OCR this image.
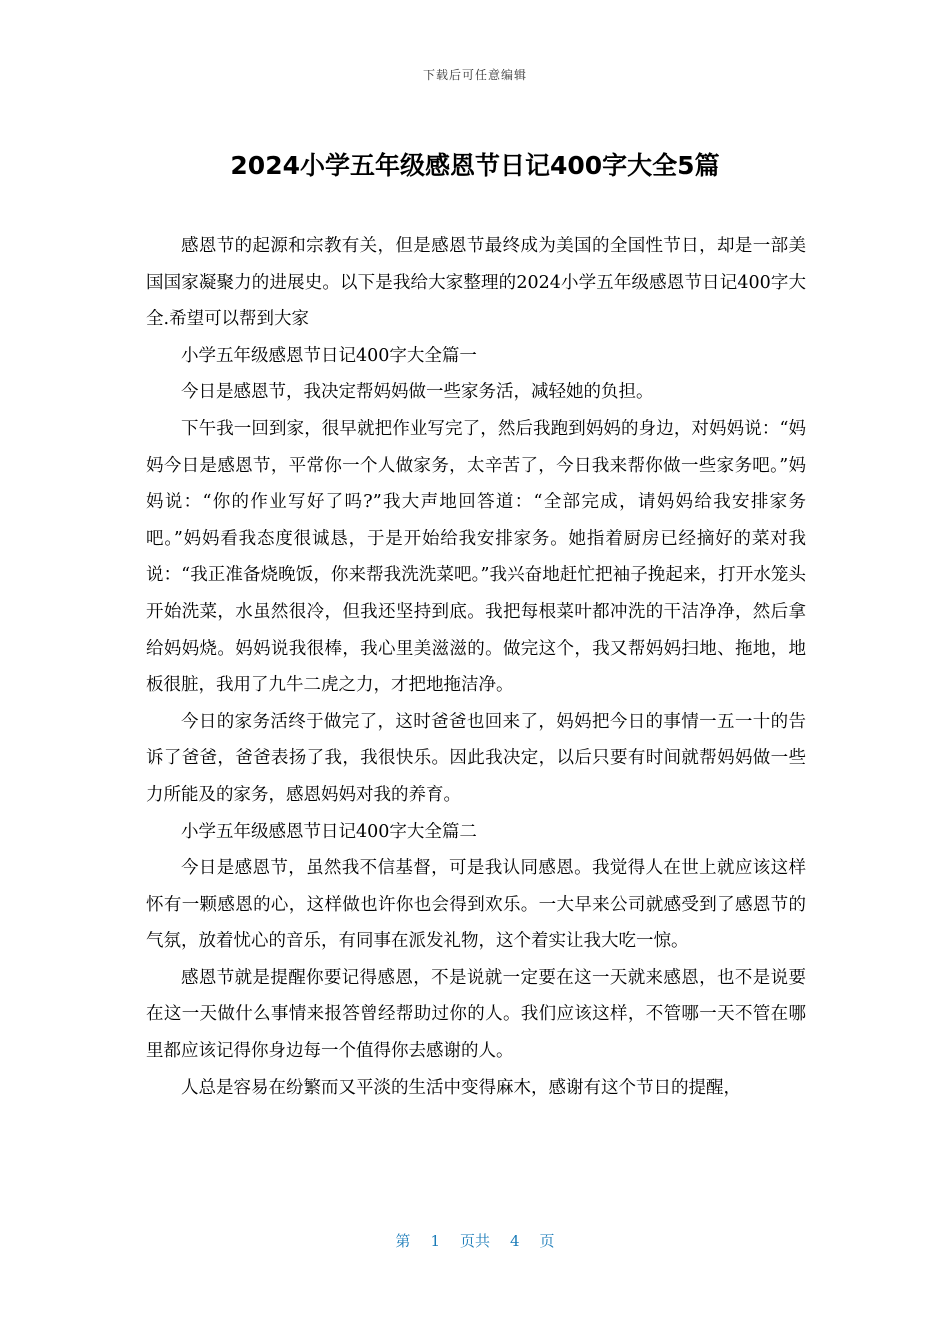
下载后可任意编辑
2024小学五年级感恩节日记400字大全5篇

感恩节的起源和宗教有关，但是感恩节最终成为美国的全国性节日，却是一部美国国家凝聚力的进展史。以下是我给大家整理的2024小学五年级感恩节日记400字大全.希望可以帮到大家

小学五年级感恩节日记400字大全篇一

今日是感恩节，我决定帮妈妈做一些家务活，减轻她的负担。

下午我一回到家，很早就把作业写完了，然后我跑到妈妈的身边，对妈妈说：“妈妈今日是感恩节，平常你一个人做家务，太辛苦了，今日我来帮你做一些家务吧。”妈妈说：“你的作业写好了吗?”我大声地回答道：“全部完成，请妈妈给我安排家务吧。”妈妈看我态度很诚恳，于是开始给我安排家务。她指着厨房已经摘好的菜对我说：“我正准备烧晚饭，你来帮我洗洗菜吧。”我兴奋地赶忙把袖子挽起来，打开水笼头开始洗菜，水虽然很冷，但我还坚持到底。我把每根菜叶都冲洗的干洁净净，然后拿给妈妈烧。妈妈说我很棒，我心里美滋滋的。做完这个，我又帮妈妈扫地、拖地，地板很脏，我用了九牛二虎之力，才把地拖洁净。

今日的家务活终于做完了，这时爸爸也回来了，妈妈把今日的事情一五一十的告诉了爸爸，爸爸表扬了我，我很快乐。因此我决定，以后只要有时间就帮妈妈做一些力所能及的家务，感恩妈妈对我的养育。

小学五年级感恩节日记400字大全篇二

今日是感恩节，虽然我不信基督，可是我认同感恩。我觉得人在世上就应该这样怀有一颗感恩的心，这样做也许你也会得到欢乐。一大早来公司就感受到了感恩节的气氛，放着忧心的音乐，有同事在派发礼物，这个着实让我大吃一惊。

感恩节就是提醒你要记得感恩，不是说就一定要在这一天就来感恩，也不是说要在这一天做什么事情来报答曾经帮助过你的人。我们应该这样，不管哪一天不管在哪里都应该记得你身边每一个值得你去感谢的人。

人总是容易在纷繁而又平淡的生活中变得麻木，感谢有这个节日的提醒，

第 1 页共 4 页
